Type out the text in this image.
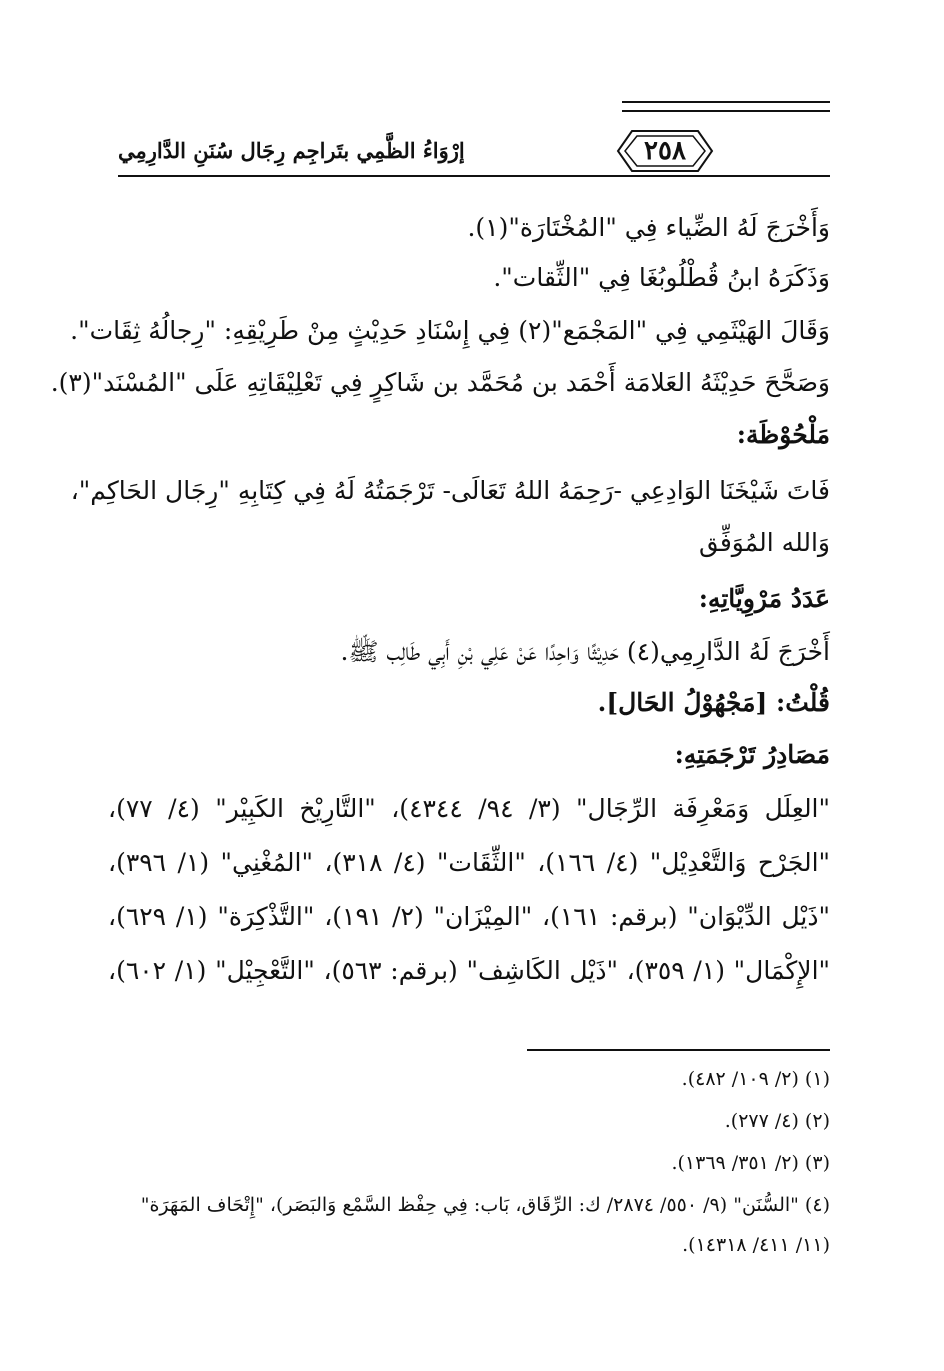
٢٥٨
إرْوَاءُ الظَّمِي بتَراجِم رِجَال سُنَنِ الدَّارِمِي
وَأَخْرَجَ لَهُ الضِّياء فِي "المُخْتَارَة"(١).
وَذَكَرَهُ ابنُ قُطْلُوبُغَا فِي "الثِّقات".
وَقَالَ الهَيْثَمِي فِي "المَجْمَع"(٢) فِي إِسْنَادِ حَدِيْثٍ مِنْ طَرِيْقِهِ: "رِجالُهُ ثِقَات".
وَصَحَّحَ حَدِيْثَهُ العَلامَة أَحْمَد بن مُحَمَّد بن شَاكِرٍ فِي تَعْلِيْقَاتِهِ عَلَى "المُسْنَد"(٣).
مَلْحُوْظَة:
فَاتَ شَيْخَنَا الوَادِعِي -رَحِمَهُ اللهُ تَعَالَى- تَرْجَمَتُهُ لَهُ فِي كِتَابِهِ "رِجَال الحَاكِم"،
وَالله المُوَفِّق
عَدَدُ مَرْوِيَّاتِهِ:
أَخْرَجَ لَهُ الدَّارِمِي(٤) حَدِيْثًا وَاحِدًا عَنْ عَلِي بْنِ أَبِي طَالِب ﷺ.
قُلْتُ: [مَجْهُوْلُ الحَال].
مَصَادِرُ تَرْجَمَتِهِ:
"العِلَل وَمَعْرِفَة الرِّجَال" (٣/ ٩٤/ ٤٣٤٤)، "التَّارِيْخ الكَبِيْر" (٤/ ٧٧)،
"الجَرْح وَالتَّعْدِيْل" (٤/ ١٦٦)، "الثِّقَات" (٤/ ٣١٨)، "المُغْنِي" (١/ ٣٩٦)،
"ذَيْل الدِّيْوَان" (برقم: ١٦١)، "المِيْزَان" (٢/ ١٩١)، "التَّذْكِرَة" (١/ ٦٢٩)،
"الإِكْمَال" (١/ ٣٥٩)، "ذَيْل الكَاشِف" (برقم: ٥٦٣)، "التَّعْجِيْل" (١/ ٦٠٢)،
(١) (٢/ ١٠٩/ ٤٨٢).
(٢) (٤/ ٢٧٧).
(٣) (٢/ ٣٥١/ ١٣٦٩).
(٤) "السُّنَن" (٩/ ٥٥٠/ ٢٨٧٤/ ك: الرِّقَاق، بَاب: فِي حِفْظ السَّمْع وَالبَصَر)، "إِتْحَاف المَهَرَة"
(١١/ ٤١١/ ١٤٣١٨).
